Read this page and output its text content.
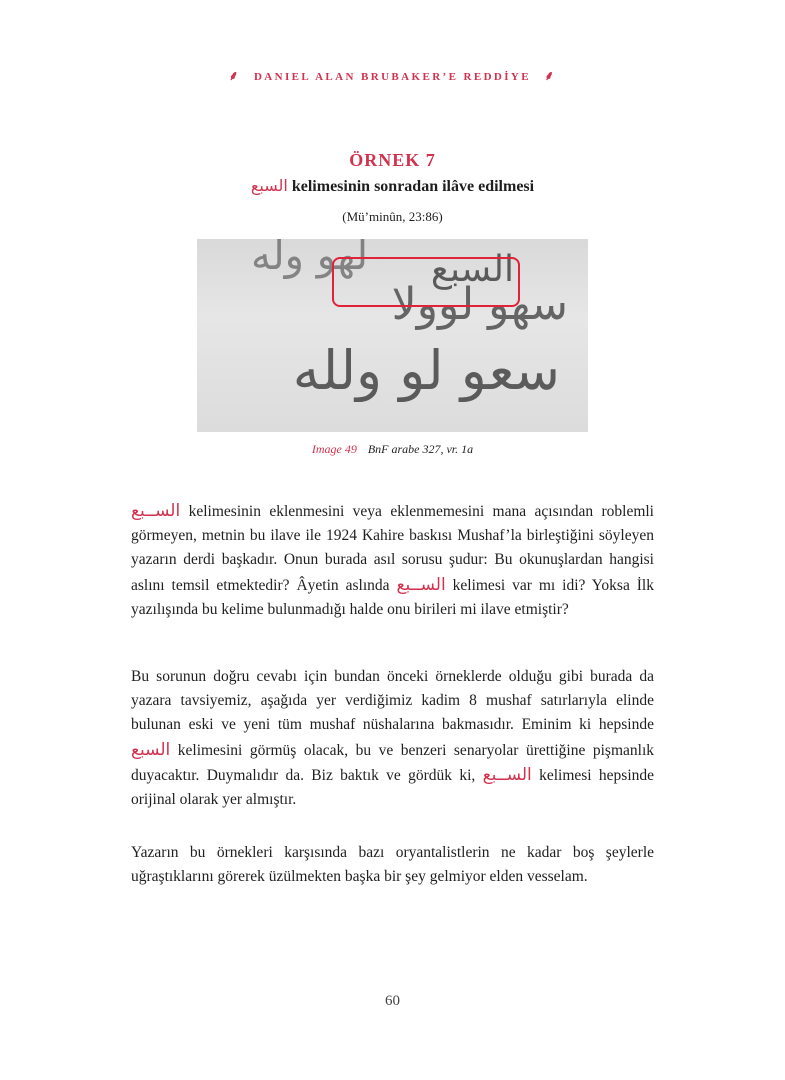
⸙ DANIEL ALAN BRUBAKER’E REDDİYE ⸙
ÖRNEK 7
السبع kelimesinin sonradan ilâve edilmesi
(Mü’minûn, 23:86)
لهو وله السبع
سهو لوولا
سعو لو ولله
Image 49 BnF arabe 327, vr. 1a
الســبع kelimesinin eklenmesini veya eklenmemesini mana açısından roblemli görmeyen, metnin bu ilave ile 1924 Kahire baskısı Mushaf’la birleştiğini söyleyen yazarın derdi başkadır. Onun burada asıl sorusu şudur: Bu okunuşlardan hangisi aslını temsil etmektedir? Âyetin aslında الســبع kelimesi var mı idi? Yoksa İlk yazılışında bu kelime bulunmadığı halde onu birileri mi ilave etmiştir?
Bu sorunun doğru cevabı için bundan önceki örneklerde olduğu gibi burada da yazara tavsiyemiz, aşağıda yer verdiğimiz kadim 8 mushaf satırlarıyla elinde bulunan eski ve yeni tüm mushaf nüshalarına bakmasıdır. Eminim ki hepsinde السبع kelimesini görmüş olacak, bu ve benzeri senaryolar ürettiğine pişmanlık duyacaktır. Duymalıdır da. Biz baktık ve gördük ki, الســبع kelimesi hepsinde orijinal olarak yer almıştır.
Yazarın bu örnekleri karşısında bazı oryantalistlerin ne kadar boş şeylerle uğraştıklarını görerek üzülmekten başka bir şey gelmiyor elden vesselam.
60
